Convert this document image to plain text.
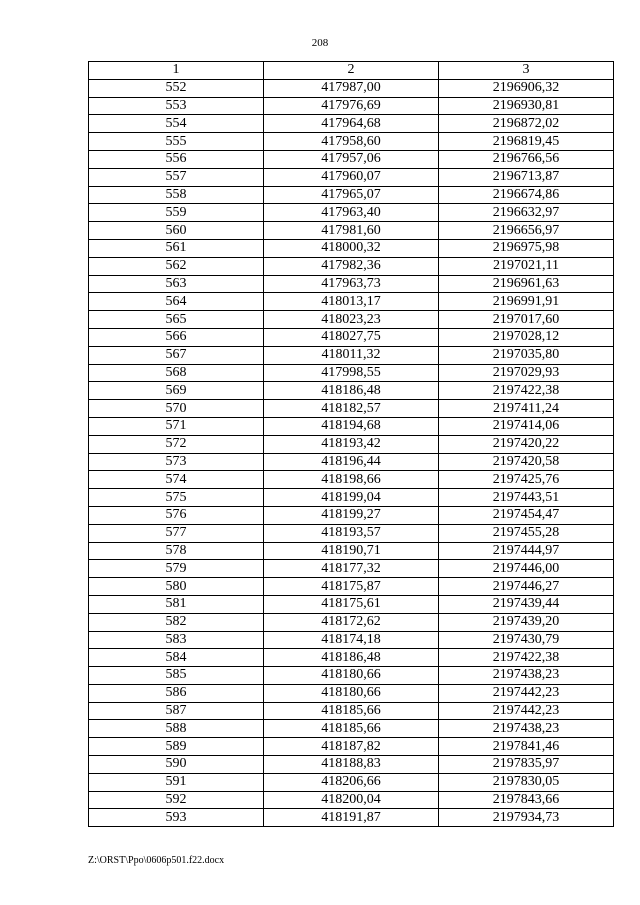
208
1	2	3
552	417987,00	2196906,32
553	417976,69	2196930,81
554	417964,68	2196872,02
555	417958,60	2196819,45
556	417957,06	2196766,56
557	417960,07	2196713,87
558	417965,07	2196674,86
559	417963,40	2196632,97
560	417981,60	2196656,97
561	418000,32	2196975,98
562	417982,36	2197021,11
563	417963,73	2196961,63
564	418013,17	2196991,91
565	418023,23	2197017,60
566	418027,75	2197028,12
567	418011,32	2197035,80
568	417998,55	2197029,93
569	418186,48	2197422,38
570	418182,57	2197411,24
571	418194,68	2197414,06
572	418193,42	2197420,22
573	418196,44	2197420,58
574	418198,66	2197425,76
575	418199,04	2197443,51
576	418199,27	2197454,47
577	418193,57	2197455,28
578	418190,71	2197444,97
579	418177,32	2197446,00
580	418175,87	2197446,27
581	418175,61	2197439,44
582	418172,62	2197439,20
583	418174,18	2197430,79
584	418186,48	2197422,38
585	418180,66	2197438,23
586	418180,66	2197442,23
587	418185,66	2197442,23
588	418185,66	2197438,23
589	418187,82	2197841,46
590	418188,83	2197835,97
591	418206,66	2197830,05
592	418200,04	2197843,66
593	418191,87	2197934,73
Z:\ORST\Ppo\0606p501.f22.docx
